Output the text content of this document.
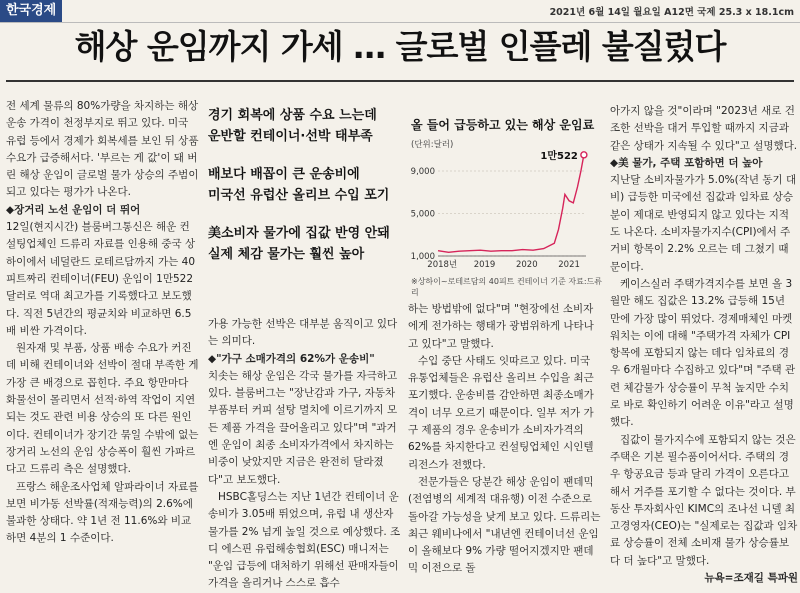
한국경제	2021년 6월 14일 월요일 A12면 국제 25.3 x 18.1cm
해상 운임까지 가세 … 글로벌 인플레 불질렀다

전 세계 물류의 80%가량을 차지하는 해상 운송 가격이 천정부지로 뛰고 있다. 미국 유럽 등에서 경제가 회복세를 보인 뒤 상품 수요가 급증해서다. '부르는 게 값'이 돼 버린 해상 운임이 글로벌 물가 상승의 주범이 되고 있다는 평가가 나온다.

◆장거리 노선 운임이 더 뛰어

12일(현지시간) 블룸버그통신은 해운 컨설팅업체인 드류리 자료를 인용해 중국 상하이에서 네덜란드 로테르담까지 가는 40피트짜리 컨테이너(FEU) 운임이 1만522달러로 역대 최고가를 기록했다고 보도했다. 직전 5년간의 평균치와 비교하면 6.5배 비싼 가격이다.

원자재 및 부품, 상품 배송 수요가 커진 데 비해 컨테이너와 선박이 절대 부족한 게 가장 큰 배경으로 꼽힌다. 주요 항만마다 화물선이 몰리면서 선적·하역 작업이 지연되는 것도 관련 비용 상승의 또 다른 원인이다. 컨테이너가 장기간 묶일 수밖에 없는 장거리 노선의 운임 상승폭이 훨씬 가파르다고 드류리 측은 설명했다.

프랑스 해운조사업체 알파라이너 자료를 보면 비가동 선박률(적재능력)의 2.6%에 불과한 상태다. 약 1년 전 11.6%와 비교하면 4분의 1 수준이다.

경기 회복에 상품 수요 느는데
운반할 컨테이너·선박 태부족

배보다 배꼽이 큰 운송비에
미국선 유럽산 올리브 수입 포기

美소비자 물가에 집값 반영 안돼
실제 체감 물가는 훨씬 높아

가용 가능한 선박은 대부분 움직이고 있다는 의미다.

◆"가구 소매가격의 62%가 운송비"

치솟는 해상 운임은 각국 물가를 자극하고 있다. 블룸버그는 "장난감과 가구, 자동차 부품부터 커피 설탕 멸치에 이르기까지 모든 제품 가격을 끌어올리고 있다"며 "과거엔 운임이 최종 소비자가격에서 차지하는 비중이 낮았지만 지금은 완전히 달라졌다"고 보도했다.

HSBC홀딩스는 지난 1년간 컨테이너 운송비가 3.05배 뛰었으며, 유럽 내 생산자물가를 2% 넘게 높일 것으로 예상했다. 조디 에스핀 유럽해송협회(ESC) 매니저는 "운임 급등에 대처하기 위해선 판매자들이 가격을 올리거나 스스로 흡수

올 들어 급등하고 있는 해상 운임료
(단위:달러)
1,000
5,000
9,000
2018년 2019 2020 2021
1만522
※상하이~로테르담의 40피트 컨테이너 기준 자료:드류리

하는 방법밖에 없다"며 "현장에선 소비자에게 전가하는 행태가 광범위하게 나타나고 있다"고 말했다.

수입 중단 사태도 잇따르고 있다. 미국 유통업체들은 유럽산 올리브 수입을 최근 포기했다. 운송비를 감안하면 최종소매가격이 너무 오르기 때문이다. 일부 저가 가구 제품의 경우 운송비가 소비자가격의 62%를 차지한다고 컨설팅업체인 시인텔리전스가 전했다.

전문가들은 당분간 해상 운임이 팬데믹(전염병의 세계적 대유행) 이전 수준으로 돌아갈 가능성을 낮게 보고 있다. 드류리는 최근 웨비나에서 "내년엔 컨테이너선 운임이 올해보다 9% 가량 떨어지겠지만 팬데믹 이전으로 돌

아가지 않을 것"이라며 "2023년 새로 건조한 선박을 대거 투입할 때까지 지금과 같은 상태가 지속될 수 있다"고 설명했다.

◆美 물가, 주택 포함하면 더 높아

지난달 소비자물가가 5.0%(작년 동기 대비) 급등한 미국에선 집값과 임차료 상승분이 제대로 반영되지 않고 있다는 지적도 나온다. 소비자물가지수(CPI)에서 주거비 항목이 2.2% 오르는 데 그쳤기 때문이다.

케이스실러 주택가격지수를 보면 올 3월만 해도 집값은 13.2% 급등해 15년 만에 가장 많이 뛰었다. 경제매체인 마켓워치는 이에 대해 "주택가격 자체가 CPI 항목에 포함되지 않는 데다 임차료의 경우 6개월마다 수집하고 있다"며 "주택 관련 체감물가 상승률이 무척 높지만 수치로 바로 확인하기 어려운 이유"라고 설명했다.

집값이 물가지수에 포함되지 않는 것은 주택은 기본 필수품이어서다. 주택의 경우 항공요금 등과 달리 가격이 오른다고 해서 거주를 포기할 수 없다는 것이다. 부동산 투자회사인 KIMC의 조나선 니델 최고경영자(CEO)는 "실제로는 집값과 임차료 상승률이 전체 소비재 물가 상승률보다 더 높다"고 말했다.

뉴욕=조재길 특파원
